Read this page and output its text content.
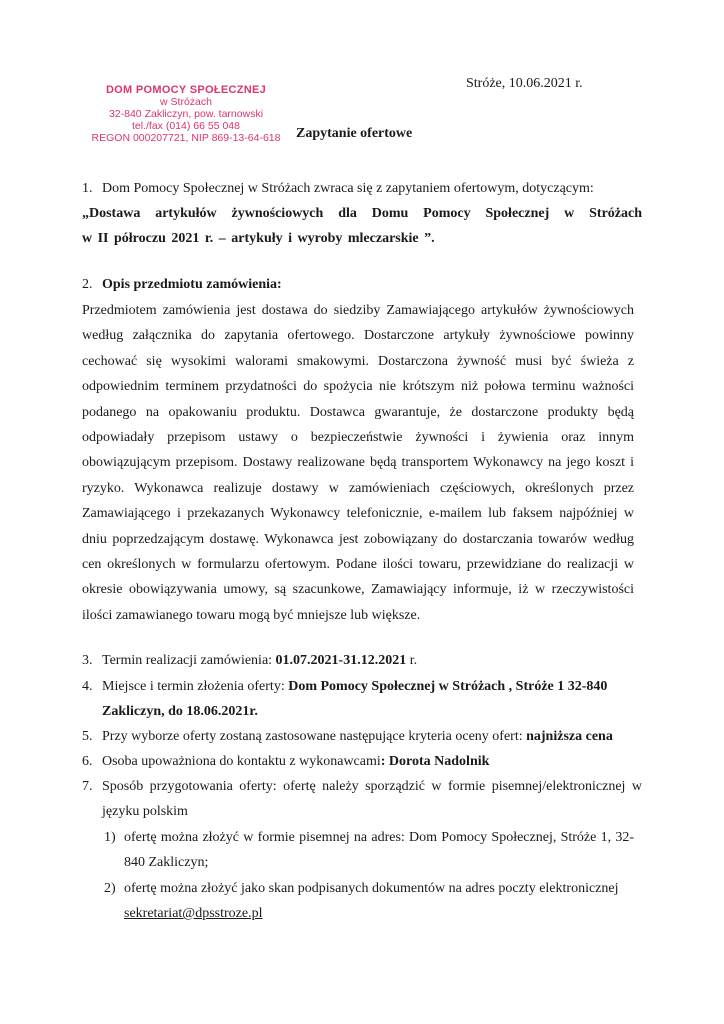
DOM POMOCY SPOŁECZNEJ
w Stróżach
32-840 Zakliczyn, pow. tarnowski
tel./fax (014) 66 55 048
REGON 000207721, NIP 869-13-64-618
Stróże, 10.06.2021 r.
Zapytanie ofertowe
1. Dom Pomocy Społecznej w Stróżach zwraca się z zapytaniem ofertowym, dotyczącym:
„Dostawa artykułów żywnościowych dla Domu Pomocy Społecznej w Stróżach
w II półroczu 2021 r. – artykuły i wyroby mleczarskie ”.
2. Opis przedmiotu zamówienia:
Przedmiotem zamówienia jest dostawa do siedziby Zamawiającego artykułów żywnościowych według załącznika do zapytania ofertowego. Dostarczone artykuły żywnościowe powinny cechować się wysokimi walorami smakowymi. Dostarczona żywność musi być świeża z odpowiednim terminem przydatności do spożycia nie krótszym niż połowa terminu ważności podanego na opakowaniu produktu. Dostawca gwarantuje, że dostarczone produkty będą odpowiadały przepisom ustawy o bezpieczeństwie żywności i żywienia oraz innym obowiązującym przepisom. Dostawy realizowane będą transportem Wykonawcy na jego koszt i ryzyko. Wykonawca realizuje dostawy w zamówieniach częściowych, określonych przez Zamawiającego i przekazanych Wykonawcy telefonicznie, e-mailem lub faksem najpóźniej w dniu poprzedzającym dostawę. Wykonawca jest zobowiązany do dostarczania towarów według cen określonych w formularzu ofertowym. Podane ilości towaru, przewidziane do realizacji w okresie obowiązywania umowy, są szacunkowe, Zamawiający informuje, iż w rzeczywistości ilości zamawianego towaru mogą być mniejsze lub większe.
3. Termin realizacji zamówienia: 01.07.2021-31.12.2021 r.
4. Miejsce i termin złożenia oferty: Dom Pomocy Społecznej w Stróżach , Stróże 1 32-840 Zakliczyn, do 18.06.2021r.
5. Przy wyborze oferty zostaną zastosowane następujące kryteria oceny ofert: najniższa cena
6. Osoba upoważniona do kontaktu z wykonawcami: Dorota Nadolnik
7. Sposób przygotowania oferty: ofertę należy sporządzić w formie pisemnej/elektronicznej w języku polskim
1) ofertę można złożyć w formie pisemnej na adres: Dom Pomocy Społecznej, Stróże 1, 32-840 Zakliczyn;
2) ofertę można złożyć jako skan podpisanych dokumentów na adres poczty elektronicznej
sekretariat@dpsstroze.pl
